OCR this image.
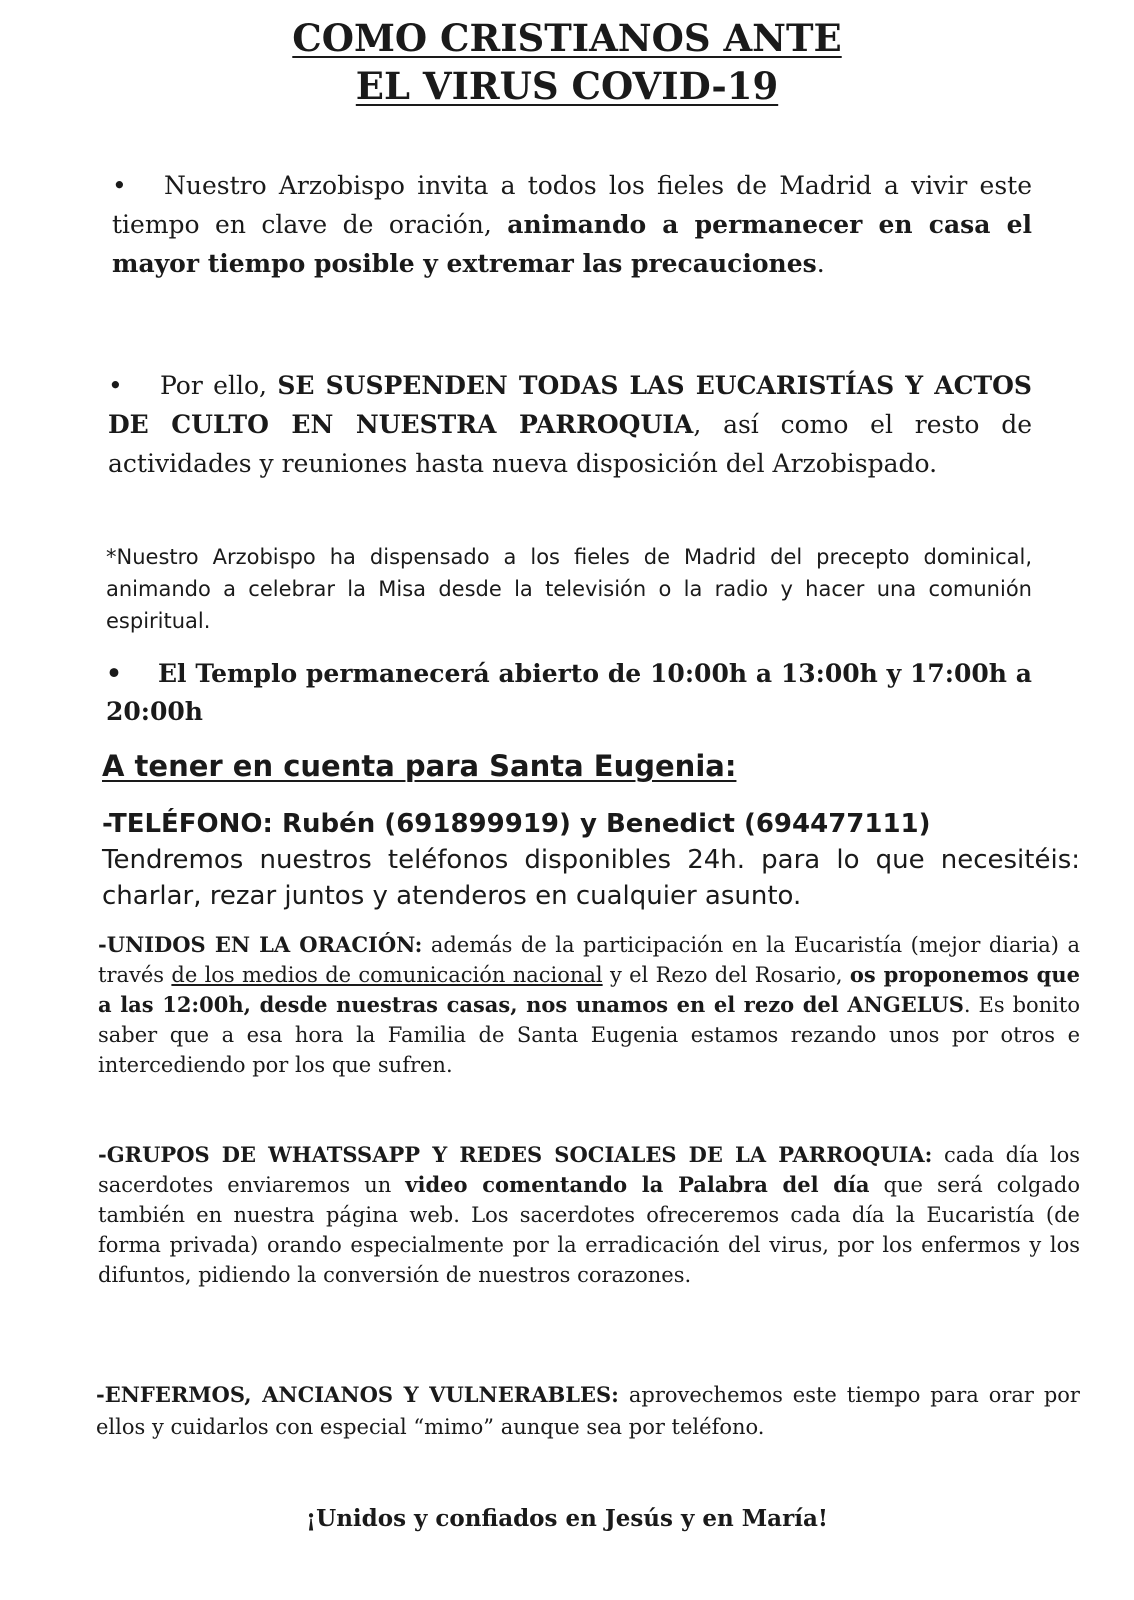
COMO CRISTIANOS ANTE
EL VIRUS COVID-19
• Nuestro Arzobispo invita a todos los fieles de Madrid a vivir este tiempo en clave de oración, animando a permanecer en casa el mayor tiempo posible y extremar las precauciones.
• Por ello, SE SUSPENDEN TODAS LAS EUCARISTÍAS Y ACTOS DE CULTO EN NUESTRA PARROQUIA, así como el resto de actividades y reuniones hasta nueva disposición del Arzobispado.
*Nuestro Arzobispo ha dispensado a los fieles de Madrid del precepto dominical, animando a celebrar la Misa desde la televisión o la radio y hacer una comunión espiritual.
• El Templo permanecerá abierto de 10:00h a 13:00h y 17:00h a 20:00h
A tener en cuenta para Santa Eugenia:
-TELÉFONO: Rubén (691899919) y Benedict (694477111)
Tendremos nuestros teléfonos disponibles 24h. para lo que necesitéis: charlar, rezar juntos y atenderos en cualquier asunto.
-UNIDOS EN LA ORACIÓN: además de la participación en la Eucaristía (mejor diaria) a través de los medios de comunicación nacional y el Rezo del Rosario, os proponemos que a las 12:00h, desde nuestras casas, nos unamos en el rezo del ANGELUS. Es bonito saber que a esa hora la Familia de Santa Eugenia estamos rezando unos por otros e intercediendo por los que sufren.
-GRUPOS DE WHATSSAPP Y REDES SOCIALES DE LA PARROQUIA: cada día los sacerdotes enviaremos un video comentando la Palabra del día que será colgado también en nuestra página web. Los sacerdotes ofreceremos cada día la Eucaristía (de forma privada) orando especialmente por la erradicación del virus, por los enfermos y los difuntos, pidiendo la conversión de nuestros corazones.
-ENFERMOS, ANCIANOS Y VULNERABLES: aprovechemos este tiempo para orar por ellos y cuidarlos con especial “mimo” aunque sea por teléfono.
¡Unidos y confiados en Jesús y en María!
